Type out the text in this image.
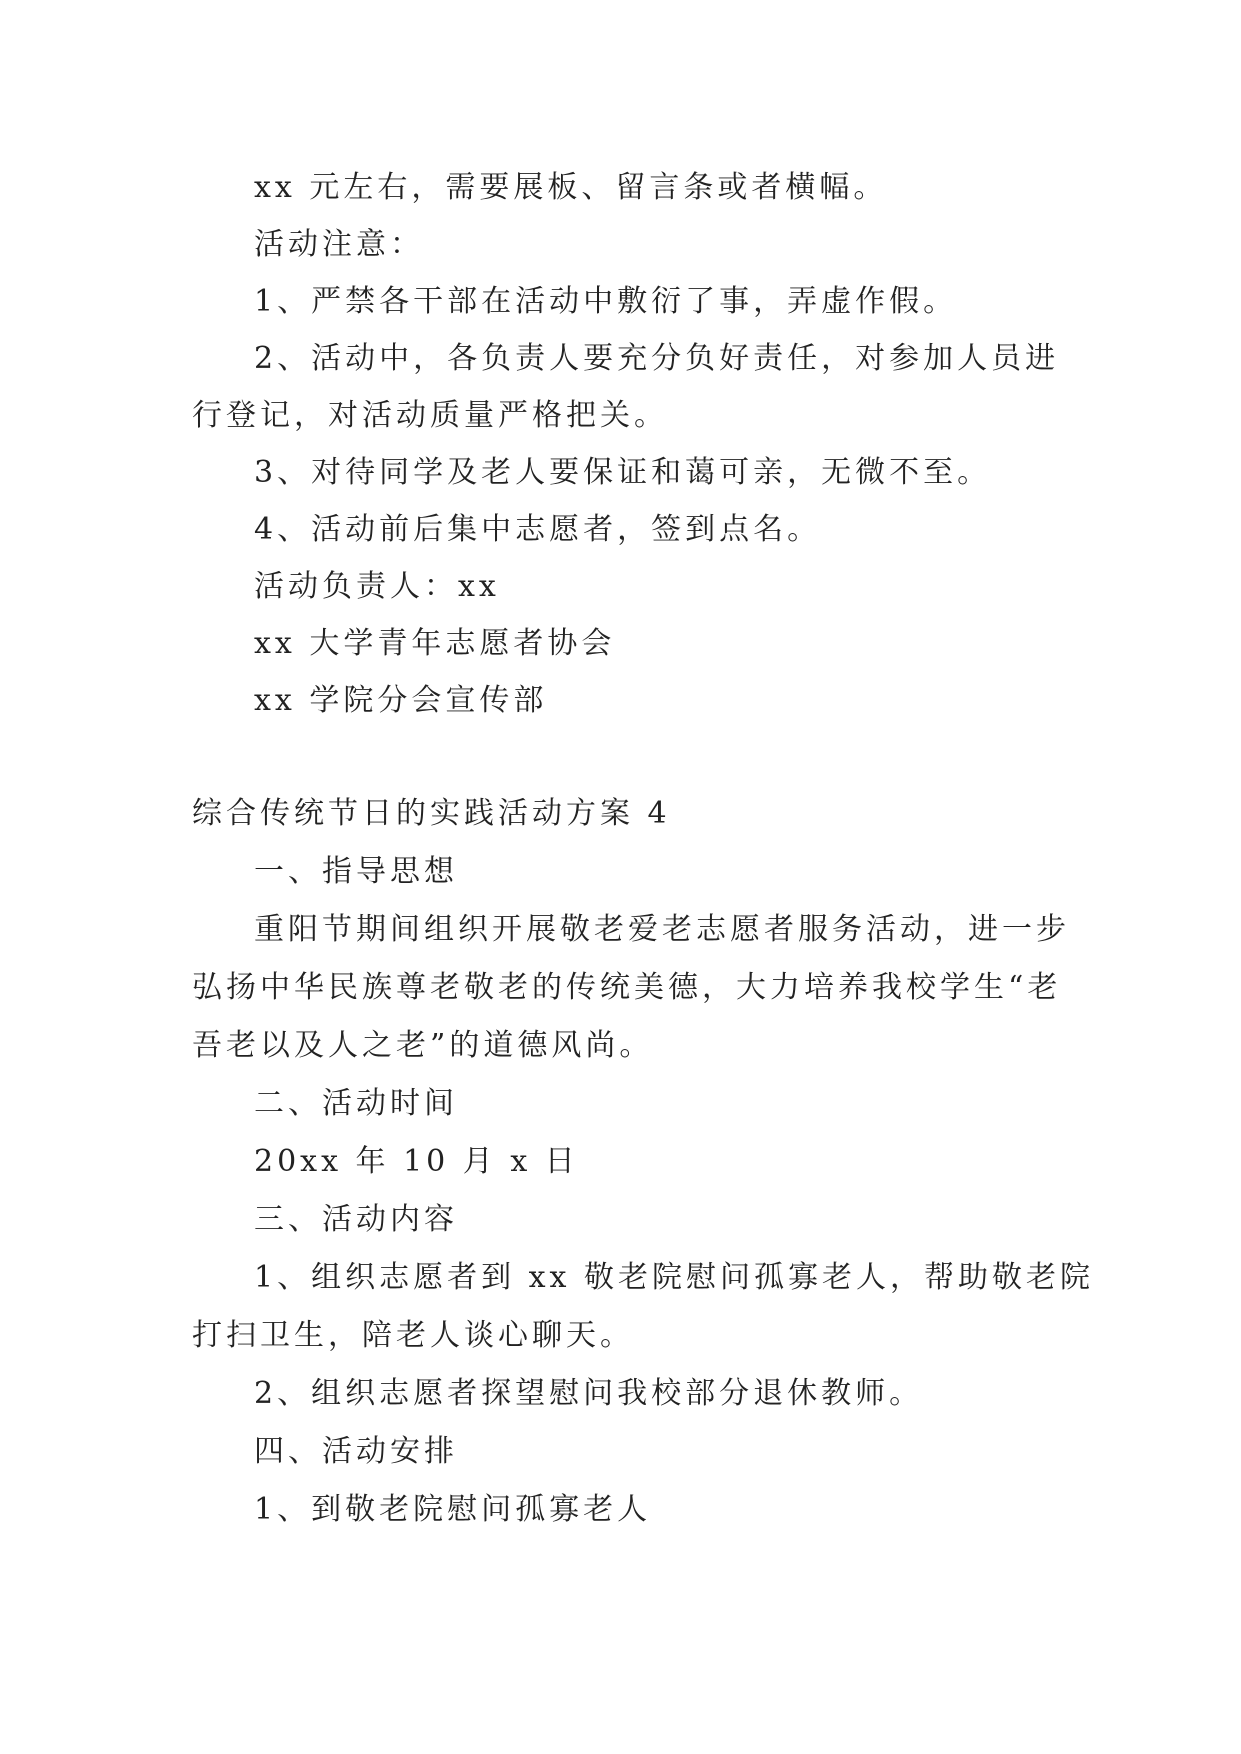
xx 元左右，需要展板、留言条或者横幅。

活动注意：

1、严禁各干部在活动中敷衍了事，弄虚作假。

2、活动中，各负责人要充分负好责任，对参加人员进

行登记，对活动质量严格把关。

3、对待同学及老人要保证和蔼可亲，无微不至。

4、活动前后集中志愿者，签到点名。

活动负责人：xx

xx 大学青年志愿者协会

xx 学院分会宣传部

综合传统节日的实践活动方案 4

一、指导思想

重阳节期间组织开展敬老爱老志愿者服务活动，进一步

弘扬中华民族尊老敬老的传统美德，大力培养我校学生“老

吾老以及人之老”的道德风尚。

二、活动时间

20xx 年 10 月 x 日

三、活动内容

1、组织志愿者到 xx 敬老院慰问孤寡老人，帮助敬老院

打扫卫生，陪老人谈心聊天。

2、组织志愿者探望慰问我校部分退休教师。

四、活动安排

1、到敬老院慰问孤寡老人
